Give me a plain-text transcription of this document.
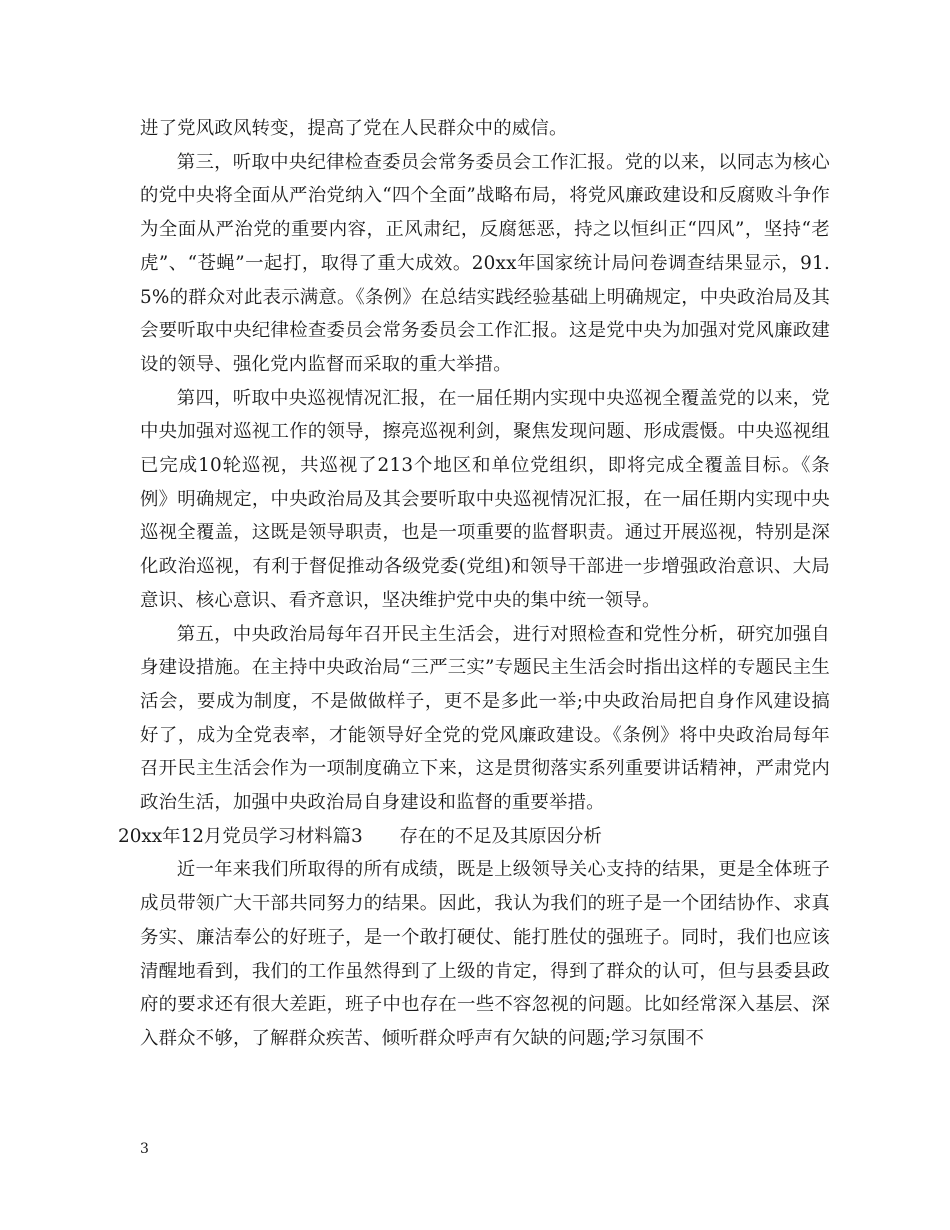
进了党风政风转变，提高了党在人民群众中的威信。

第三，听取中央纪律检查委员会常务委员会工作汇报。党的以来，以同志为核心的党中央将全面从严治党纳入“四个全面”战略布局，将党风廉政建设和反腐败斗争作为全面从严治党的重要内容，正风肃纪，反腐惩恶，持之以恒纠正“四风”，坚持“老虎”、“苍蝇”一起打，取得了重大成效。20xx年国家统计局问卷调查结果显示，91.5%的群众对此表示满意。《条例》在总结实践经验基础上明确规定，中央政治局及其会要听取中央纪律检查委员会常务委员会工作汇报。这是党中央为加强对党风廉政建设的领导、强化党内监督而采取的重大举措。

第四，听取中央巡视情况汇报，在一届任期内实现中央巡视全覆盖党的以来，党中央加强对巡视工作的领导，擦亮巡视利剑，聚焦发现问题、形成震慑。中央巡视组已完成10轮巡视，共巡视了213个地区和单位党组织，即将完成全覆盖目标。《条例》明确规定，中央政治局及其会要听取中央巡视情况汇报，在一届任期内实现中央巡视全覆盖，这既是领导职责，也是一项重要的监督职责。通过开展巡视，特别是深化政治巡视，有利于督促推动各级党委(党组)和领导干部进一步增强政治意识、大局意识、核心意识、看齐意识，坚决维护党中央的集中统一领导。

第五，中央政治局每年召开民主生活会，进行对照检查和党性分析，研究加强自身建设措施。在主持中央政治局“三严三实”专题民主生活会时指出这样的专题民主生活会，要成为制度，不是做做样子，更不是多此一举;中央政治局把自身作风建设搞好了，成为全党表率，才能领导好全党的党风廉政建设。《条例》将中央政治局每年召开民主生活会作为一项制度确立下来，这是贯彻落实系列重要讲话精神，严肃党内政治生活，加强中央政治局自身建设和监督的重要举措。

20xx年12月党员学习材料篇3　　存在的不足及其原因分析

近一年来我们所取得的所有成绩，既是上级领导关心支持的结果，更是全体班子成员带领广大干部共同努力的结果。因此，我认为我们的班子是一个团结协作、求真务实、廉洁奉公的好班子，是一个敢打硬仗、能打胜仗的强班子。同时，我们也应该清醒地看到，我们的工作虽然得到了上级的肯定，得到了群众的认可，但与县委县政府的要求还有很大差距，班子中也存在一些不容忽视的问题。比如经常深入基层、深入群众不够，了解群众疾苦、倾听群众呼声有欠缺的问题;学习氛围不

3
